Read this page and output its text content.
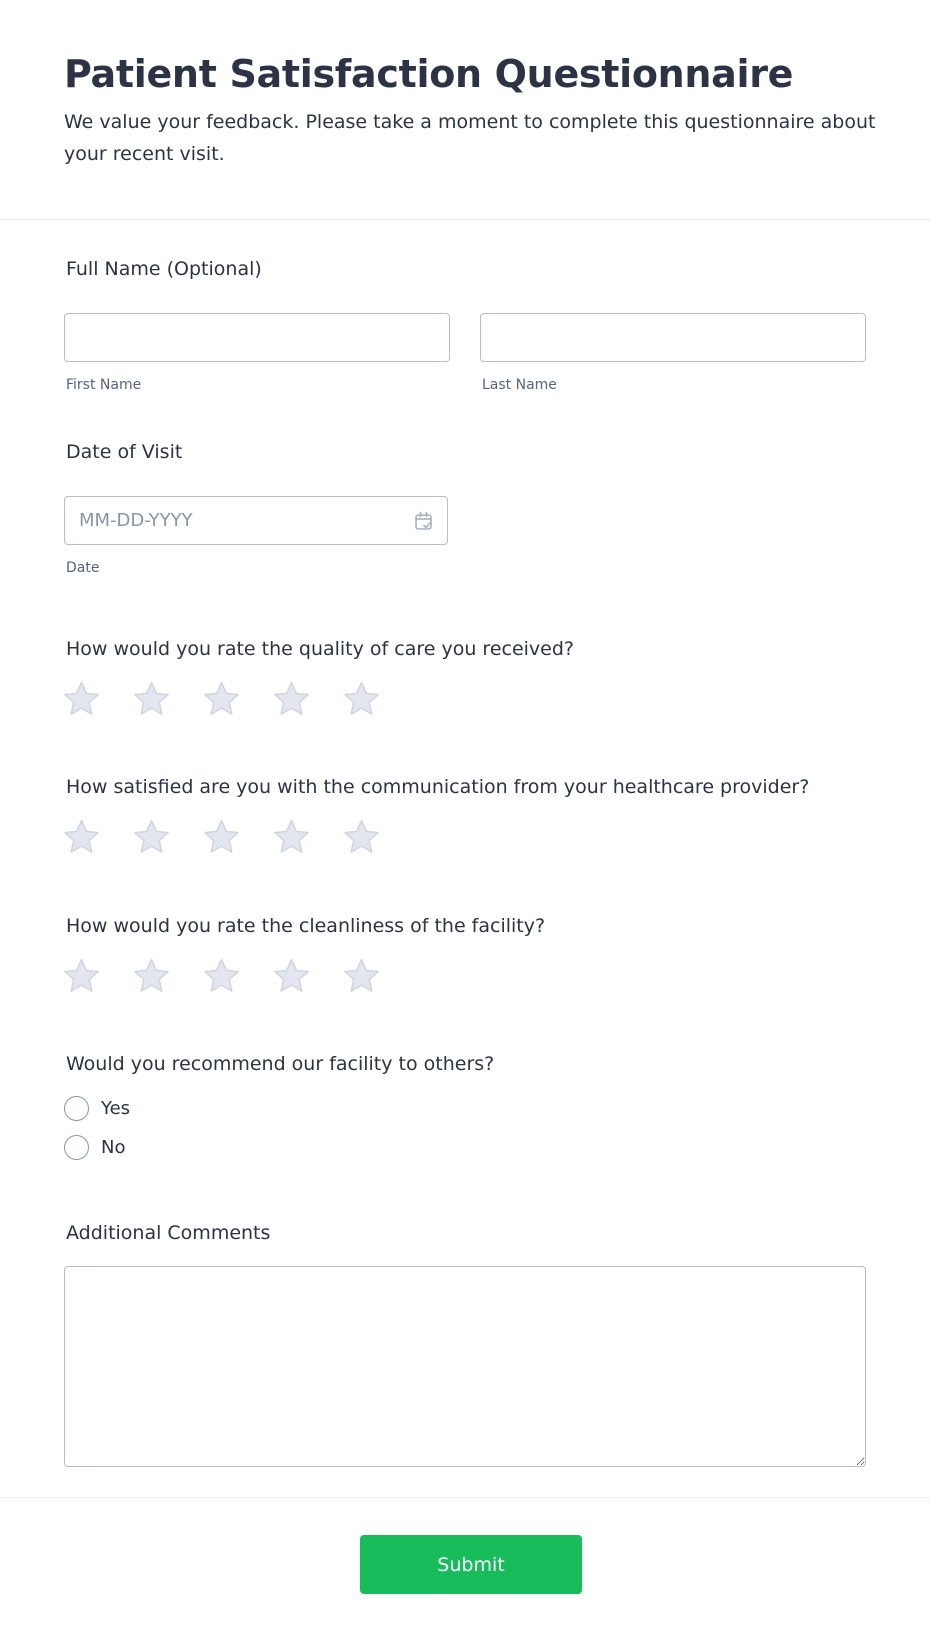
Patient Satisfaction Questionnaire

We value your feedback. Please take a moment to complete this questionnaire about your recent visit.

Full Name (Optional)
First Name	Last Name
Date of Visit
MM-DD-YYYY
Date
How would you rate the quality of care you received?
How satisfied are you with the communication from your healthcare provider?
How would you rate the cleanliness of the facility?
Would you recommend our facility to others?
Yes
No
Additional Comments
Submit
